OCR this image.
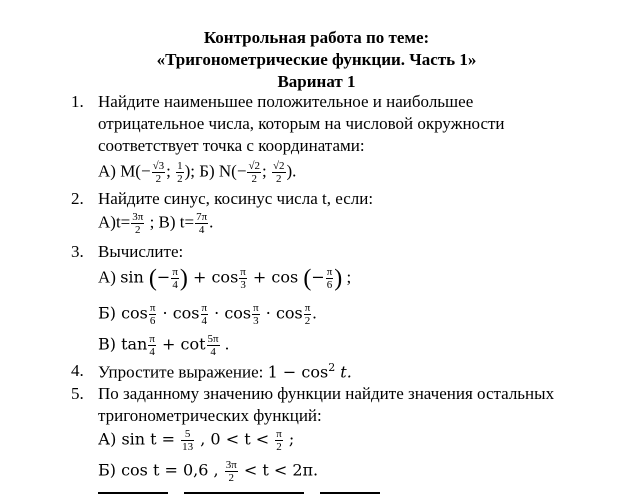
Контрольная работа по теме:
«Тригонометрические функции. Часть 1»
Варинат 1
1. Найдите наименьшее положительное и наибольшее
отрицательное числа, которым на числовой окружности
соответствует точка с координатами:
А) $M(- \frac{√3}{2}$ ; $\frac{1}{2}$ ); Б) $N(- \frac{√2}{2}$ ; $\frac{√2}{2}$ ).
2. Найдите синус, косинус числа t, если:
$А)t= \frac{3\pi}{2}$ ; В) $t= \frac{7\pi}{4}$ .
3. Вычислите:
А) sin (− $\frac{\pi}{4}$ ) + $\cos \frac{\pi}{3} + \cos$ (− $\frac{\pi}{6}$ ) ;
Б) $\cos \frac{\pi}{6} \cdot \cos \frac{\pi}{4} \cdot \cos \frac{\pi}{3} \cdot \cos \frac{\pi}{2}$ .
В) $\tan \frac{\pi}{4} + \cot \frac{5\pi}{4}$ .
4. Упростите выражение: $1 - \cos^2 t$.
5. По заданному значению функции найдите значения остальных
тригонометрических функций:
А) $\sin t = \frac{5}{13}$ , $0 < t < \frac{\pi}{2}$ ;
Б) cos t = 0,6 , $\frac{3\pi}{2} < t < 2\pi$.
